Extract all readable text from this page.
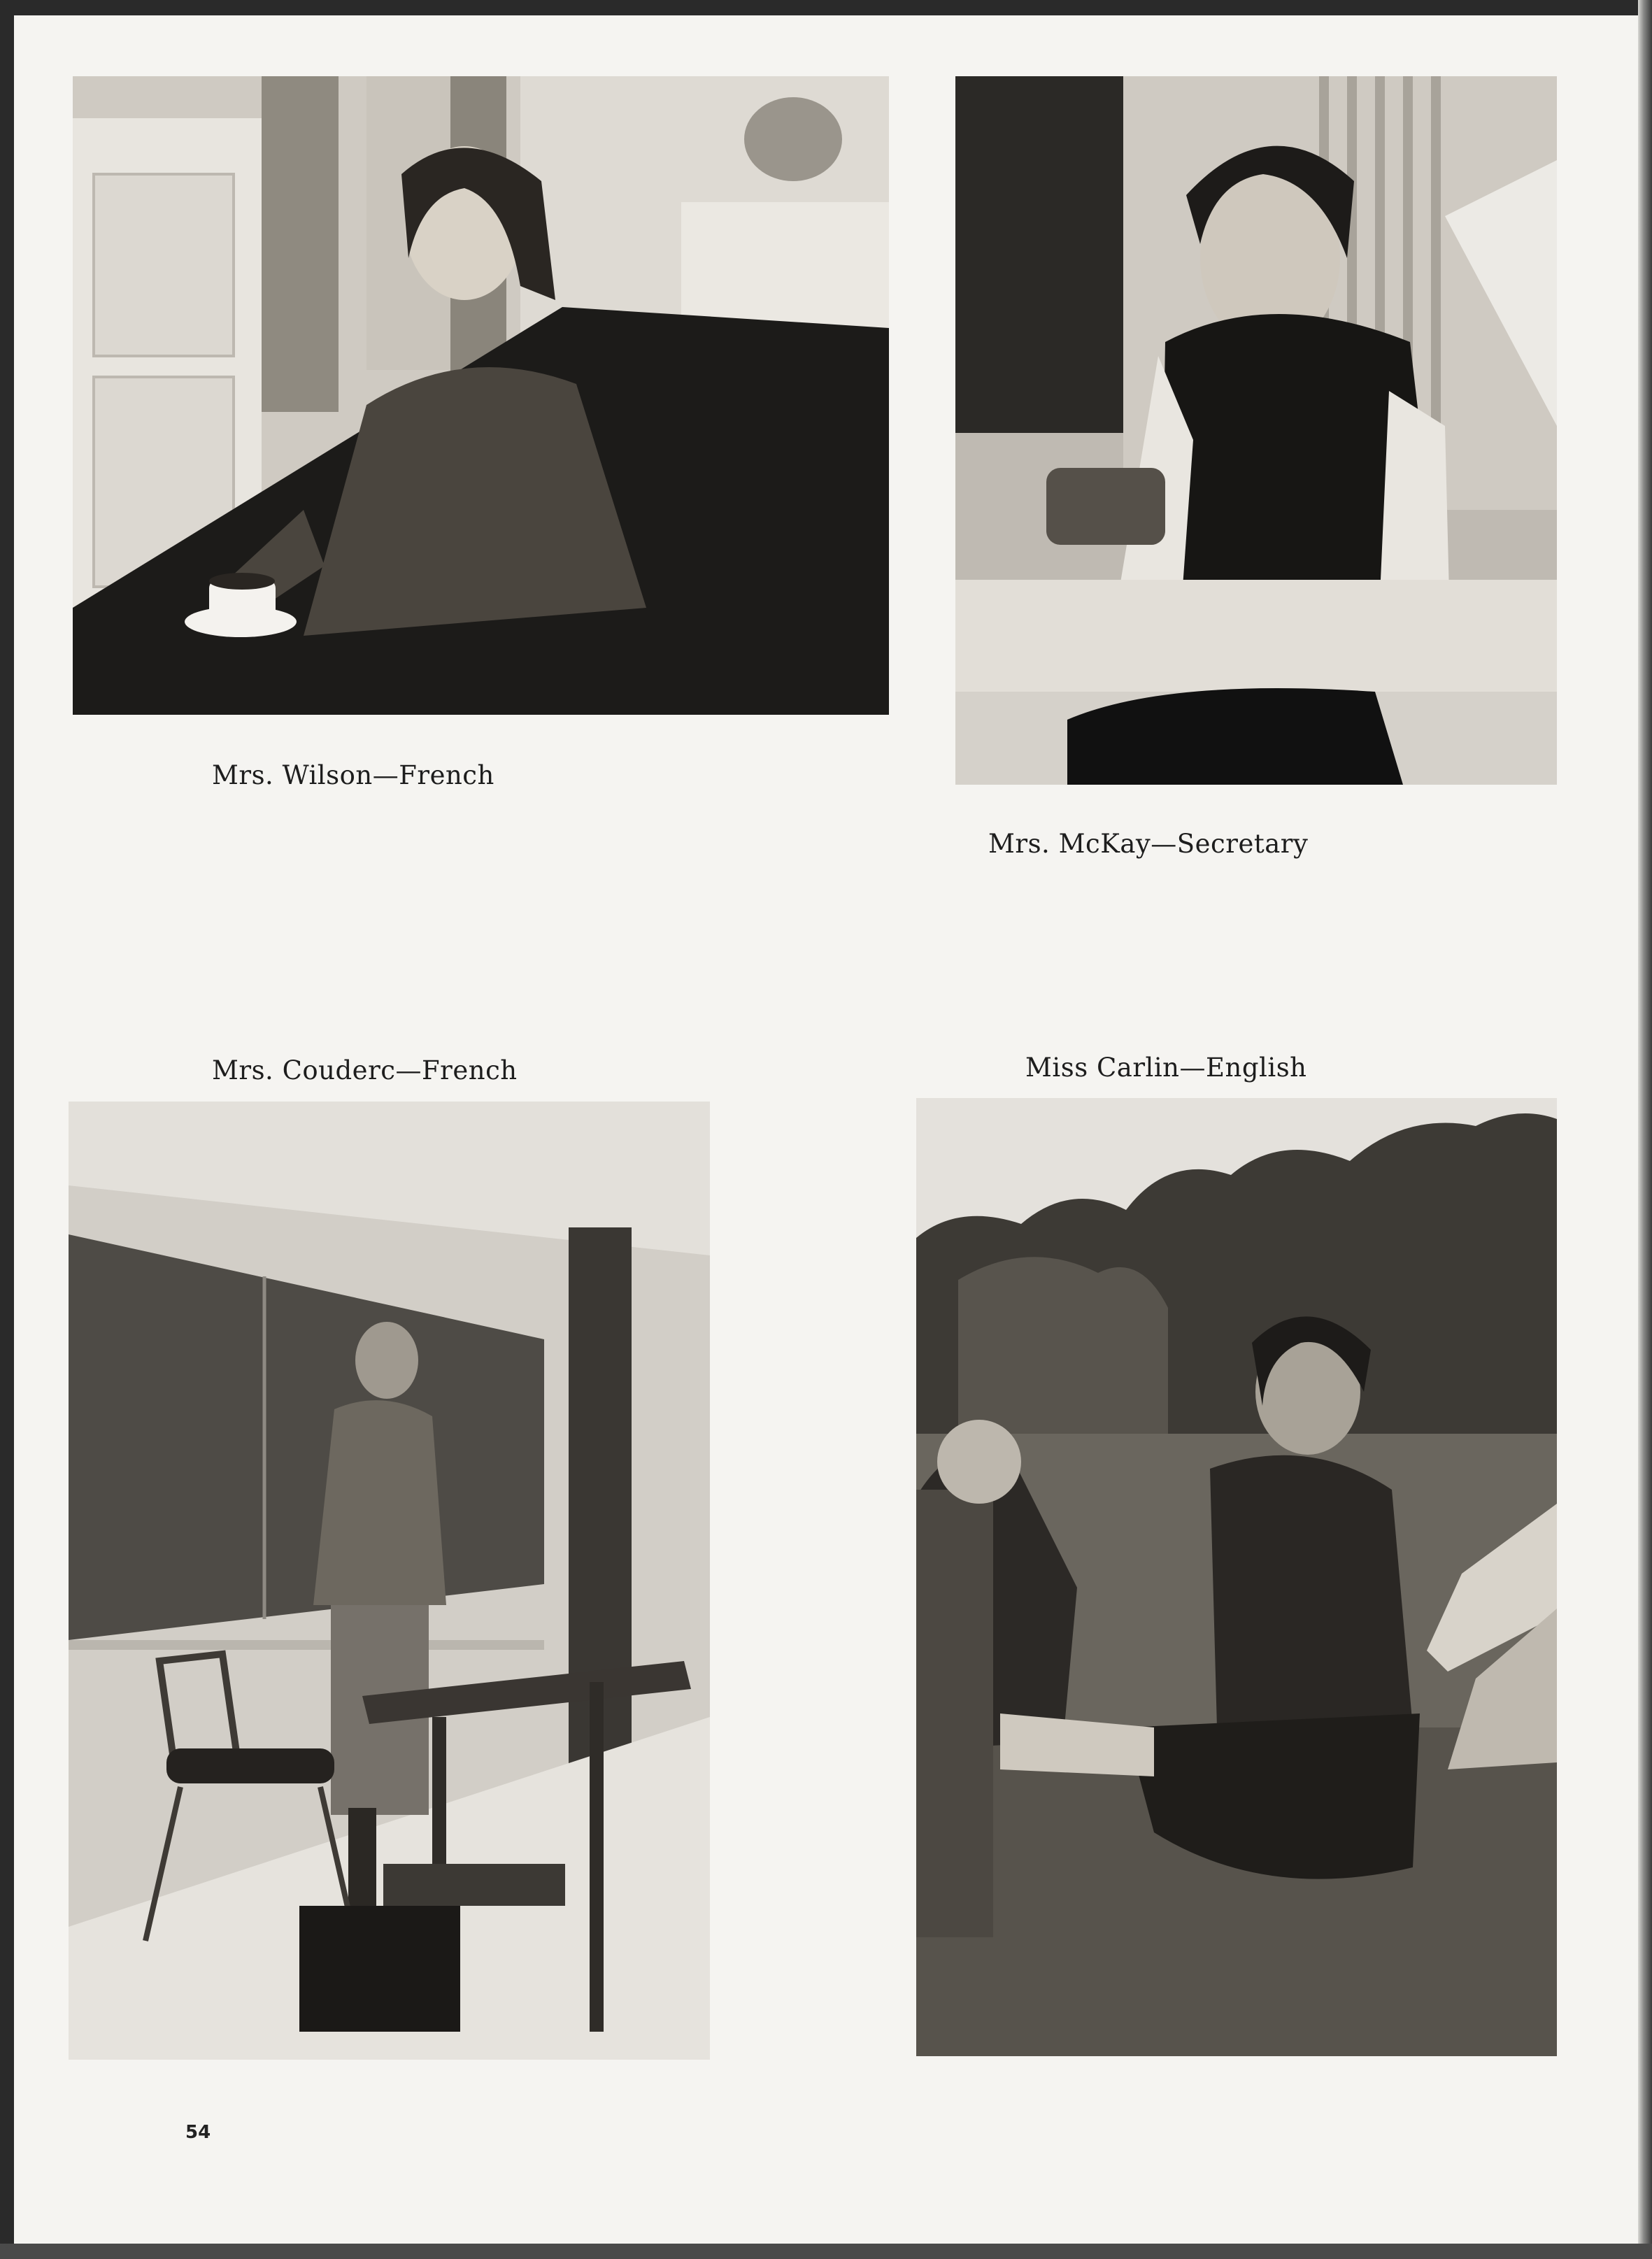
Mrs. Wilson—French
Mrs. McKay—Secretary
Mrs. Couderc—French	Miss Carlin—English
54
